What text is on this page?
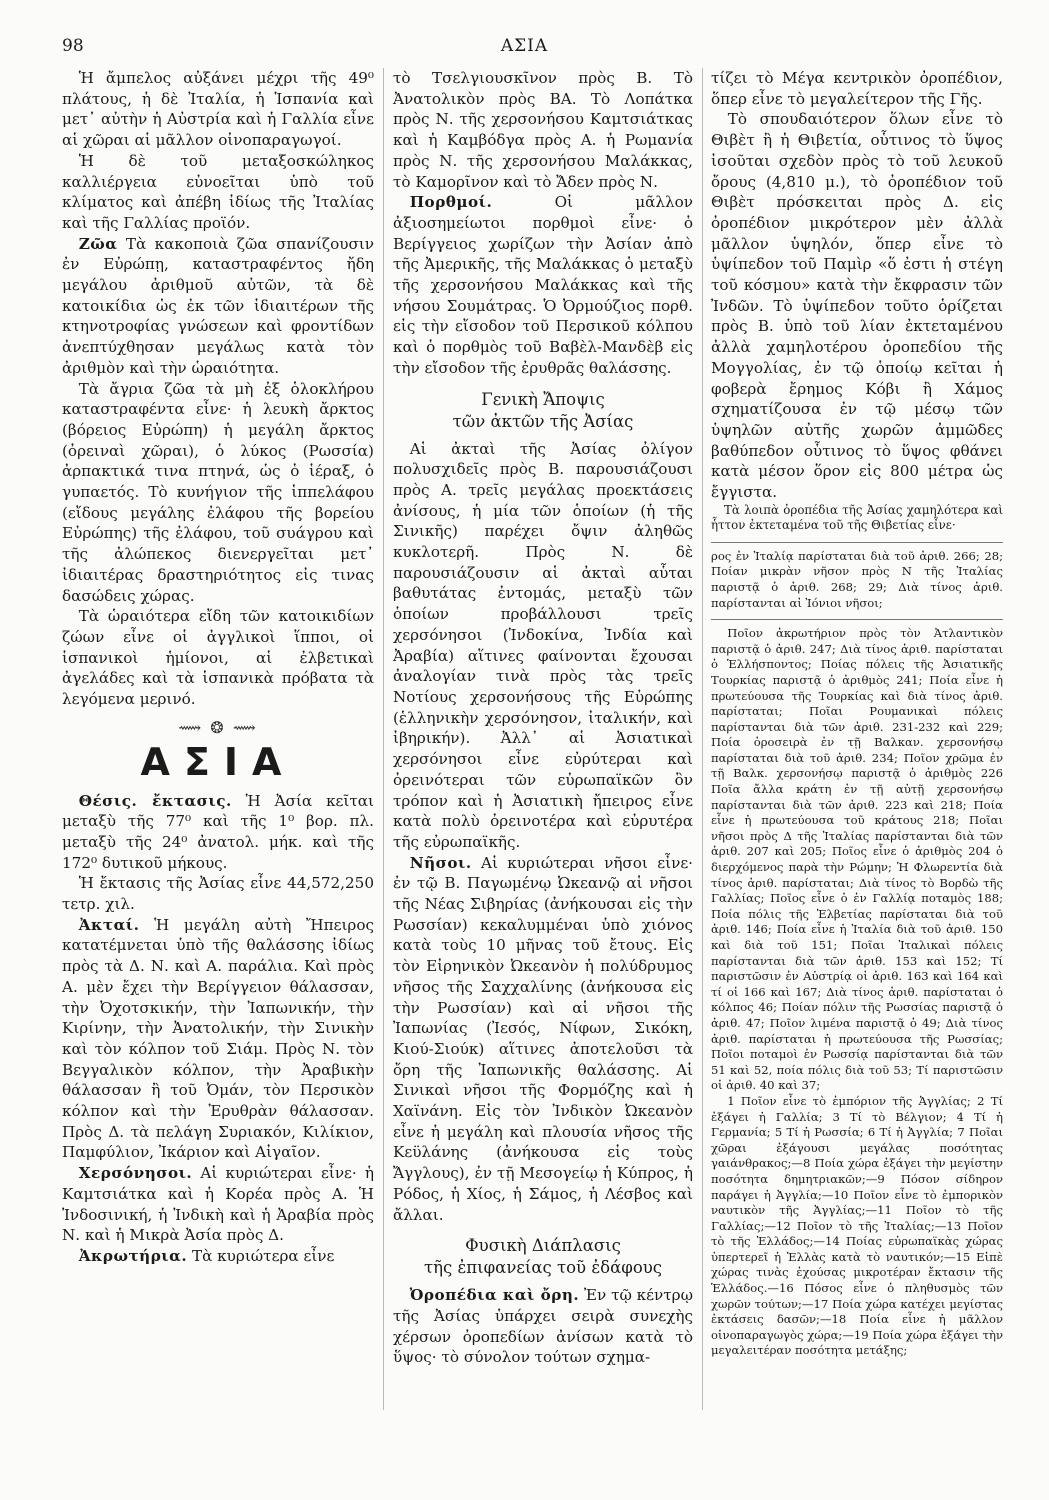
98	ΑΣΙΑ

Ἡ ἄμπελος αὐξάνει μέχρι τῆς 49⁰ πλάτους, ἡ δὲ Ἰταλία, ἡ Ἱσπανία καὶ μετ᾽ αὐτὴν ἡ Αὐστρία καὶ ἡ Γαλλία εἶνε αἱ χῶραι αἱ μᾶλλον οἰνοπαραγωγοί.

Ἡ δὲ τοῦ μεταξοσκώληκος καλλιέργεια εὐνοεῖται ὑπὸ τοῦ κλίματος καὶ ἀπέβη ἰδίως τῆς Ἰταλίας καὶ τῆς Γαλλίας προϊόν.

Ζῶα Τὰ κακοποιὰ ζῶα σπανίζουσιν ἐν Εὐρώπῃ, καταστραφέντος ἤδη μεγάλου ἀριθμοῦ αὐτῶν, τὰ δὲ κατοικίδια ὡς ἐκ τῶν ἰδιαιτέρων τῆς κτηνοτροφίας γνώσεων καὶ φροντίδων ἀνεπτύχθησαν μεγάλως κατὰ τὸν ἀριθμὸν καὶ τὴν ὡραιότητα.

Τὰ ἄγρια ζῶα τὰ μὴ ἐξ ὁλοκλήρου καταστραφέντα εἶνε· ἡ λευκὴ ἄρκτος (βόρειος Εὐρώπη) ἡ μεγάλη ἄρκτος (ὀρειναὶ χῶραι), ὁ λύκος (Ρωσσία) ἀρπακτικά τινα πτηνά, ὡς ὁ ἱέραξ, ὁ γυπαετός. Τὸ κυνήγιον τῆς ἱππελάφου (εἴδους μεγάλης ἐλάφου τῆς βορείου Εὐρώπης) τῆς ἐλάφου, τοῦ συάγρου καὶ τῆς ἀλώπεκος διενεργεῖται μετ᾽ ἰδιαιτέρας δραστηριότητος εἰς τινας δασώδεις χώρας.

Τὰ ὡραιότερα εἴδη τῶν κατοικιδίων ζώων εἶνε οἱ ἀγγλικοὶ ἵπποι, οἱ ἱσπανικοὶ ἡμίονοι, αἱ ἐλβετικαὶ ἀγελάδες καὶ τὰ ἱσπανικὰ πρόβατα τὰ λεγόμενα μερινό.

⟿ ❂ ⟿
ΑΣΙΑ

Θέσις. ἔκτασις. Ἡ Ἀσία κεῖται μεταξὺ τῆς 77⁰ καὶ τῆς 1⁰ βορ. πλ. μεταξὺ τῆς 24⁰ ἀνατολ. μήκ. καὶ τῆς 172⁰ δυτικοῦ μήκους.

Ἡ ἔκτασις τῆς Ἀσίας εἶνε 44,572,250 τετρ. χιλ.

Ἀκταί. Ἡ μεγάλη αὐτὴ Ἤπειρος κατατέμνεται ὑπὸ τῆς θαλάσσης ἰδίως πρὸς τὰ Δ. Ν. καὶ Α. παράλια. Καὶ πρὸς Α. μὲν ἔχει τὴν Βερίγγειον θάλασσαν, τὴν Ὀχοτσκικήν, τὴν Ἰαπωνικήν, τὴν Κιρίνην, τὴν Ἀνατολικήν, τὴν Σινικὴν καὶ τὸν κόλπον τοῦ Σιάμ. Πρὸς Ν. τὸν Βεγγαλικὸν κόλπον, τὴν Ἀραβικὴν θάλασσαν ἢ τοῦ Ὀμάν, τὸν Περσικὸν κόλπον καὶ τὴν Ἐρυθρὰν θάλασσαν. Πρὸς Δ. τὰ πελάγη Συριακόν, Κιλίκιον, Παμφύλιον, Ἰκάριον καὶ Αἰγαῖον.

Χερσόνησοι. Αἱ κυριώτεραι εἶνε· ἡ Καμτσιάτκα καὶ ἡ Κορέα πρὸς Α. Ἡ Ἰνδοσινική, ἡ Ἰνδικὴ καὶ ἡ Ἀραβία πρὸς Ν. καὶ ἡ Μικρὰ Ἀσία πρὸς Δ.

Ἀκρωτήρια. Τὰ κυριώτερα εἶνε

τὸ Τσελγιουσκῖνον πρὸς Β. Τὸ Ἀνατολικὸν πρὸς ΒΑ. Τὸ Λοπάτκα πρὸς Ν. τῆς χερσονήσου Καμτσιάτκας καὶ ἡ Καμβόδγα πρὸς Α. ἡ Ρωμανία πρὸς Ν. τῆς χερσονήσου Μαλάκκας, τὸ Καμορῖνον καὶ τὸ Ἄδεν πρὸς Ν.

Πορθμοί.	Οἱ μᾶλλον ἀξιοσημείωτοι πορθμοὶ εἶνε· ὁ Βερίγγειος χωρίζων τὴν Ἀσίαν ἀπὸ τῆς Ἀμερικῆς, τῆς Μαλάκκας ὁ μεταξὺ τῆς χερσονήσου Μαλάκκας καὶ τῆς νήσου Σουμάτρας. Ὁ Ὀρμούζιος πορθ. εἰς τὴν εἴσοδον τοῦ Περσικοῦ κόλπου καὶ ὁ πορθμὸς τοῦ Βαβὲλ-Μανδὲβ εἰς τὴν εἴσοδον τῆς ἐρυθρᾶς θαλάσσης.

Γενικὴ Ἄποψις
τῶν ἀκτῶν τῆς Ἀσίας

Αἱ ἀκταὶ τῆς Ἀσίας ὀλίγον πολυσχιδεῖς πρὸς Β. παρουσιάζουσι πρὸς Α. τρεῖς μεγάλας προεκτάσεις ἀνίσους, ἡ μία τῶν ὁποίων (ἡ τῆς Σινικῆς) παρέχει ὄψιν ἀληθῶς κυκλοτερῆ. Πρὸς Ν. δὲ παρουσιάζουσιν αἱ ἀκταὶ αὗται βαθυτάτας ἐντομάς, μεταξὺ τῶν ὁποίων προβάλλουσι τρεῖς χερσόνησοι (Ἰνδοκίνα, Ἰνδία καὶ Ἀραβία) αἵτινες φαίνονται ἔχουσαι ἀναλογίαν τινὰ πρὸς τὰς τρεῖς Νοτίους χερσονήσους τῆς Εὐρώπης (ἑλληνικὴν χερσόνησον, ἰταλικήν, καὶ ἰβηρικήν). Ἀλλ᾽ αἱ Ἀσιατικαὶ χερσόνησοι εἶνε εὐρύτεραι καὶ ὀρεινότεραι τῶν εὐρωπαϊκῶν ὃν τρόπον καὶ ἡ Ἀσιατικὴ ἤπειρος εἶνε κατὰ πολὺ ὀρεινοτέρα καὶ εὐρυτέρα τῆς εὐρωπαϊκῆς.

Νῆσοι. Αἱ κυριώτεραι νῆσοι εἶνε· ἐν τῷ Β. Παγωμένῳ Ὠκεανῷ αἱ νῆσοι τῆς Νέας Σιβηρίας (ἀνήκουσαι εἰς τὴν Ρωσσίαν) κεκαλυμμέναι ὑπὸ χιόνος κατὰ τοὺς 10 μῆνας τοῦ ἔτους. Εἰς τὸν Εἰρηνικὸν Ὠκεανὸν ἡ πολύδρυμος νῆσος τῆς Σαχχαλίνης (ἀνήκουσα εἰς τὴν Ρωσσίαν) καὶ αἱ νῆσοι τῆς Ἰαπωνίας (Ἰεσός, Νίφων, Σικόκη, Κιού-Σιούκ) αἵτινες ἀποτελοῦσι τὰ ὄρη τῆς Ἰαπωνικῆς θαλάσσης. Αἱ Σινικαὶ νῆσοι τῆς Φορμόζης καὶ ἡ Χαϊνάνη. Εἰς τὸν Ἰνδικὸν Ὠκεανὸν εἶνε ἡ μεγάλη καὶ πλουσία νῆσος τῆς Κεϋλάνης (ἀνήκουσα εἰς τοὺς Ἄγγλους), ἐν τῇ Μεσογείῳ ἡ Κύπρος, ἡ Ρόδος, ἡ Χίος, ἡ Σάμος, ἡ Λέσβος καὶ ἄλλαι.

Φυσικὴ Διάπλασις
τῆς ἐπιφανείας τοῦ ἐδάφους

Ὀροπέδια καὶ ὄρη. Ἐν τῷ κέντρῳ τῆς Ἀσίας ὑπάρχει σειρὰ συνεχὴς χέρσων ὀροπεδίων ἀνίσων κατὰ τὸ ὕψος· τὸ σύνολον τούτων σχημα-

τίζει τὸ Μέγα κεντρικὸν ὀροπέδιον, ὅπερ εἶνε τὸ μεγαλείτερον τῆς Γῆς.

Τὸ σπουδαιότερον ὅλων εἶνε τὸ Θιβὲτ ἢ ἡ Θιβετία, οὗτινος τὸ ὕψος ἰσοῦται σχεδὸν πρὸς τὸ τοῦ λευκοῦ ὄρους (4,810 μ.), τὸ ὀροπέδιον τοῦ Θιβὲτ πρόσκειται πρὸς Δ. εἰς ὀροπέδιον μικρότερον μὲν ἀλλὰ μᾶλλον ὑψηλόν, ὅπερ εἶνε τὸ ὑψίπεδον τοῦ Παμὶρ «ὅ ἐστι ἡ στέγη τοῦ κόσμου» κατὰ τὴν ἔκφρασιν τῶν Ἰνδῶν. Τὸ ὑψίπεδον τοῦτο ὁρίζεται πρὸς Β. ὑπὸ τοῦ λίαν ἐκτεταμένου ἀλλὰ χαμηλοτέρου ὀροπεδίου τῆς Μογγολίας, ἐν τῷ ὁποίῳ κεῖται ἡ φοβερὰ ἔρημος Κόβι ἢ Χάμος σχηματίζουσα ἐν τῷ μέσῳ τῶν ὑψηλῶν αὐτῆς χωρῶν ἀμμῶδες βαθύπεδον οὗτινος τὸ ὕψος φθάνει κατὰ μέσον ὅρον εἰς 800 μέτρα ὡς ἔγγιστα.

Τὰ λοιπὰ ὀροπέδια τῆς Ἀσίας χαμηλότερα καὶ ἧττον ἐκτεταμένα τοῦ τῆς Θιβετίας εἶνε·

ρος ἐν Ἰταλίᾳ παρίσταται διὰ τοῦ ἀριθ. 266; 28; Ποίαν μικρὰν νῆσον πρὸς Ν τῆς Ἰταλίας παριστᾷ ὁ ἀριθ. 268; 29; Διὰ τίνος ἀριθ. παρίστανται αἱ Ἰόνιοι νῆσοι;

Ποῖον ἀκρωτήριον πρὸς τὸν Ἀτλαντικὸν παριστᾷ ὁ ἀριθ. 247; Διὰ τίνος ἀριθ. παρίσταται ὁ Ἑλλήσποντος; Ποίας πόλεις τῆς Ἀσιατικῆς Τουρκίας παριστᾷ ὁ ἀριθμὸς 241; Ποία εἶνε ἡ πρωτεύουσα τῆς Τουρκίας καὶ διὰ τίνος ἀριθ. παρίσταται; Ποῖαι Ρουμανικαὶ πόλεις παρίστανται διὰ τῶν ἀριθ. 231-232 καὶ 229; Ποία ὁροσειρὰ ἐν τῇ Βαλκαν. χερσονήσῳ παρίσταται διὰ τοῦ ἀριθ. 234; Ποῖον χρῶμα ἐν τῇ Βαλκ. χερσονήσῳ παριστᾷ ὁ ἀριθμὸς 226 Ποῖα ἄλλα κράτη ἐν τῇ αὐτῇ χερσονήσῳ παρίστανται διὰ τῶν ἀριθ. 223 καὶ 218; Ποία εἶνε ἡ πρωτεύουσα τοῦ κράτους 218; Ποῖαι νῆσοι πρὸς Δ τῆς Ἰταλίας παρίστανται διὰ τῶν ἀριθ. 207 καὶ 205; Ποῖος εἶνε ὁ ἀριθμὸς 204 ὁ διερχόμενος παρὰ τὴν Ρώμην; Ἡ Φλωρεντία διὰ τίνος ἀριθ. παρίσταται; Διὰ τίνος τὸ Βορδὼ τῆς Γαλλίας; Ποῖος εἶνε ὁ ἐν Γαλλίᾳ ποταμὸς 188; Ποία πόλις τῆς Ἑλβετίας παρίσταται διὰ τοῦ ἀριθ. 146; Ποία εἶνε ἡ Ἰταλία διὰ τοῦ ἀριθ. 150 καὶ διὰ τοῦ 151; Ποῖαι Ἰταλικαὶ πόλεις παρίστανται διὰ τῶν ἀριθ. 153 καὶ 152; Τί παριστῶσιν ἐν Αὐστρίᾳ οἱ ἀριθ. 163 καὶ 164 καὶ τί οἱ 166 καὶ 167; Διὰ τίνος ἀριθ. παρίσταται ὁ κόλπος 46; Ποίαν πόλιν τῆς Ρωσσίας παριστᾷ ὁ ἀριθ. 47; Ποῖον λιμένα παριστᾷ ὁ 49; Διὰ τίνος ἀριθ. παρίσταται ἡ πρωτεύουσα τῆς Ρωσσίας; Ποῖοι ποταμοὶ ἐν Ρωσσίᾳ παρίστανται διὰ τῶν 51 καὶ 52, ποία πόλις διὰ τοῦ 53; Τί παριστῶσιν οἱ ἀριθ. 40 καὶ 37;

1 Ποῖον εἶνε τὸ ἐμπόριον τῆς Ἀγγλίας; 2 Τί ἐξάγει ἡ Γαλλία; 3 Τί τὸ Βέλγιον; 4 Τί ἡ Γερμανία; 5 Τί ἡ Ρωσσία; 6 Τί ἡ Ἀγγλία; 7 Ποῖαι χῶραι ἐξάγουσι μεγάλας ποσότητας γαιάνθρακος;—8 Ποία χώρα ἐξάγει τὴν μεγίστην ποσότητα δημητριακῶν;—9 Πόσον σίδηρον παράγει ἡ Ἀγγλία;—10 Ποῖον εἶνε τὸ ἐμπορικὸν ναυτικὸν τῆς Ἀγγλίας;—11 Ποῖον τὸ τῆς Γαλλίας;—12 Ποῖον τὸ τῆς Ἰταλίας;—13 Ποῖον τὸ τῆς Ἑλλάδος;—14 Ποίας εὐρωπαϊκὰς χώρας ὑπερτερεῖ ἡ Ἑλλὰς κατὰ τὸ ναυτικόν;—15 Εἰπὲ χώρας τινὰς ἐχούσας μικροτέραν ἔκτασιν τῆς Ἑλλάδος.—16 Πόσος εἶνε ὁ πληθυσμὸς τῶν χωρῶν τούτων;—17 Ποία χώρα κατέχει μεγίστας ἐκτάσεις δασῶν;—18 Ποία εἶνε ἡ μᾶλλον οἰνοπαραγωγὸς χώρα;—19 Ποία χώρα ἐξάγει τὴν μεγαλειτέραν ποσότητα μετάξης;
